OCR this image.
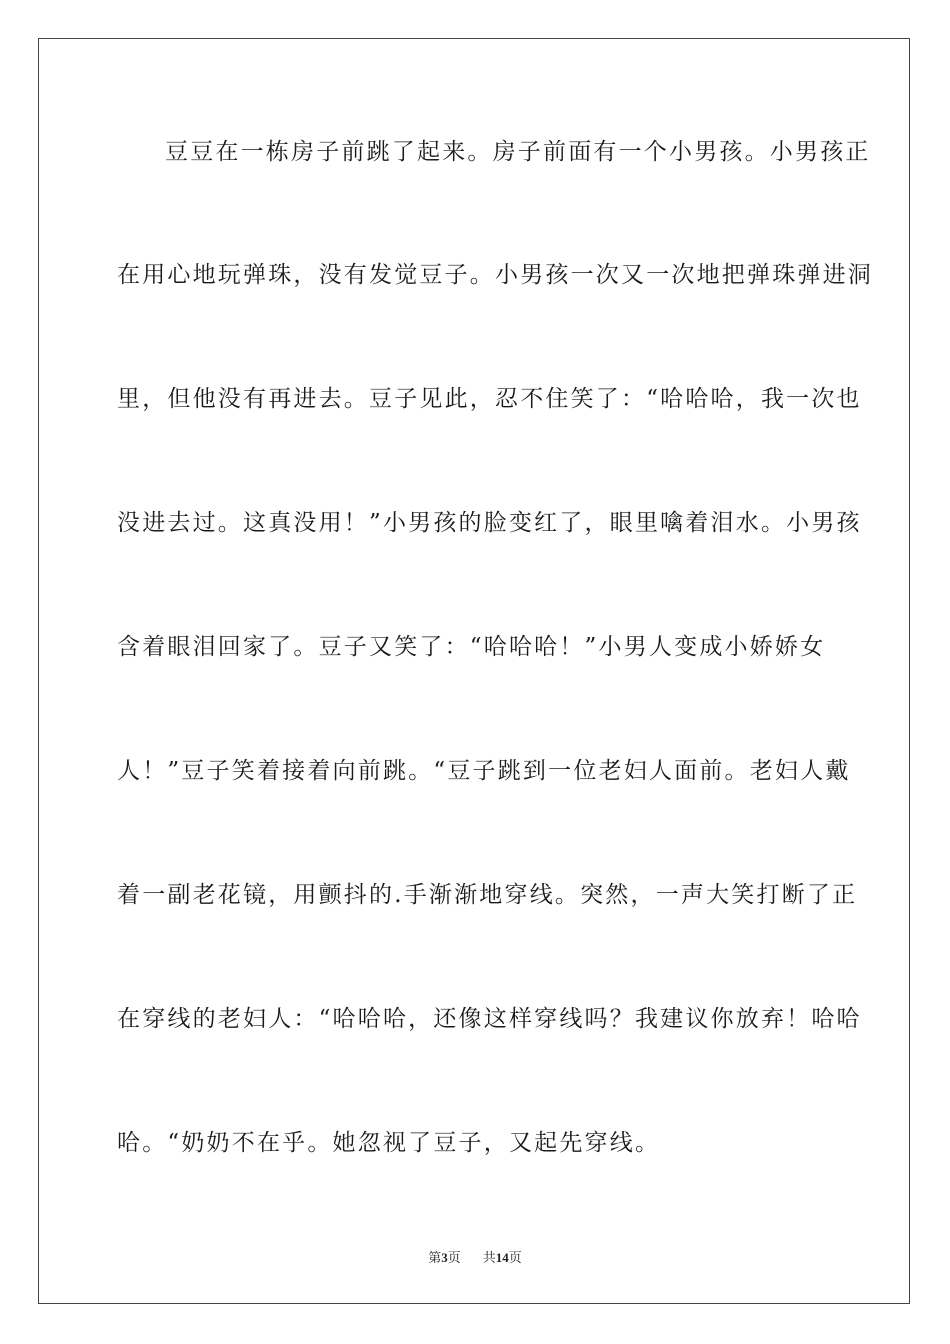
豆豆在一栋房子前跳了起来。房子前面有一个小男孩。小男孩正
在用心地玩弹珠，没有发觉豆子。小男孩一次又一次地把弹珠弹进洞
里，但他没有再进去。豆子见此，忍不住笑了：“哈哈哈，我一次也
没进去过。这真没用！”小男孩的脸变红了，眼里噙着泪水。小男孩
含着眼泪回家了。豆子又笑了：“哈哈哈！”小男人变成小娇娇女
人！”豆子笑着接着向前跳。“豆子跳到一位老妇人面前。老妇人戴
着一副老花镜，用颤抖的.手渐渐地穿线。突然，一声大笑打断了正
在穿线的老妇人：“哈哈哈，还像这样穿线吗？我建议你放弃！哈哈
哈。“奶奶不在乎。她忽视了豆子，又起先穿线。
第3页 共14页
